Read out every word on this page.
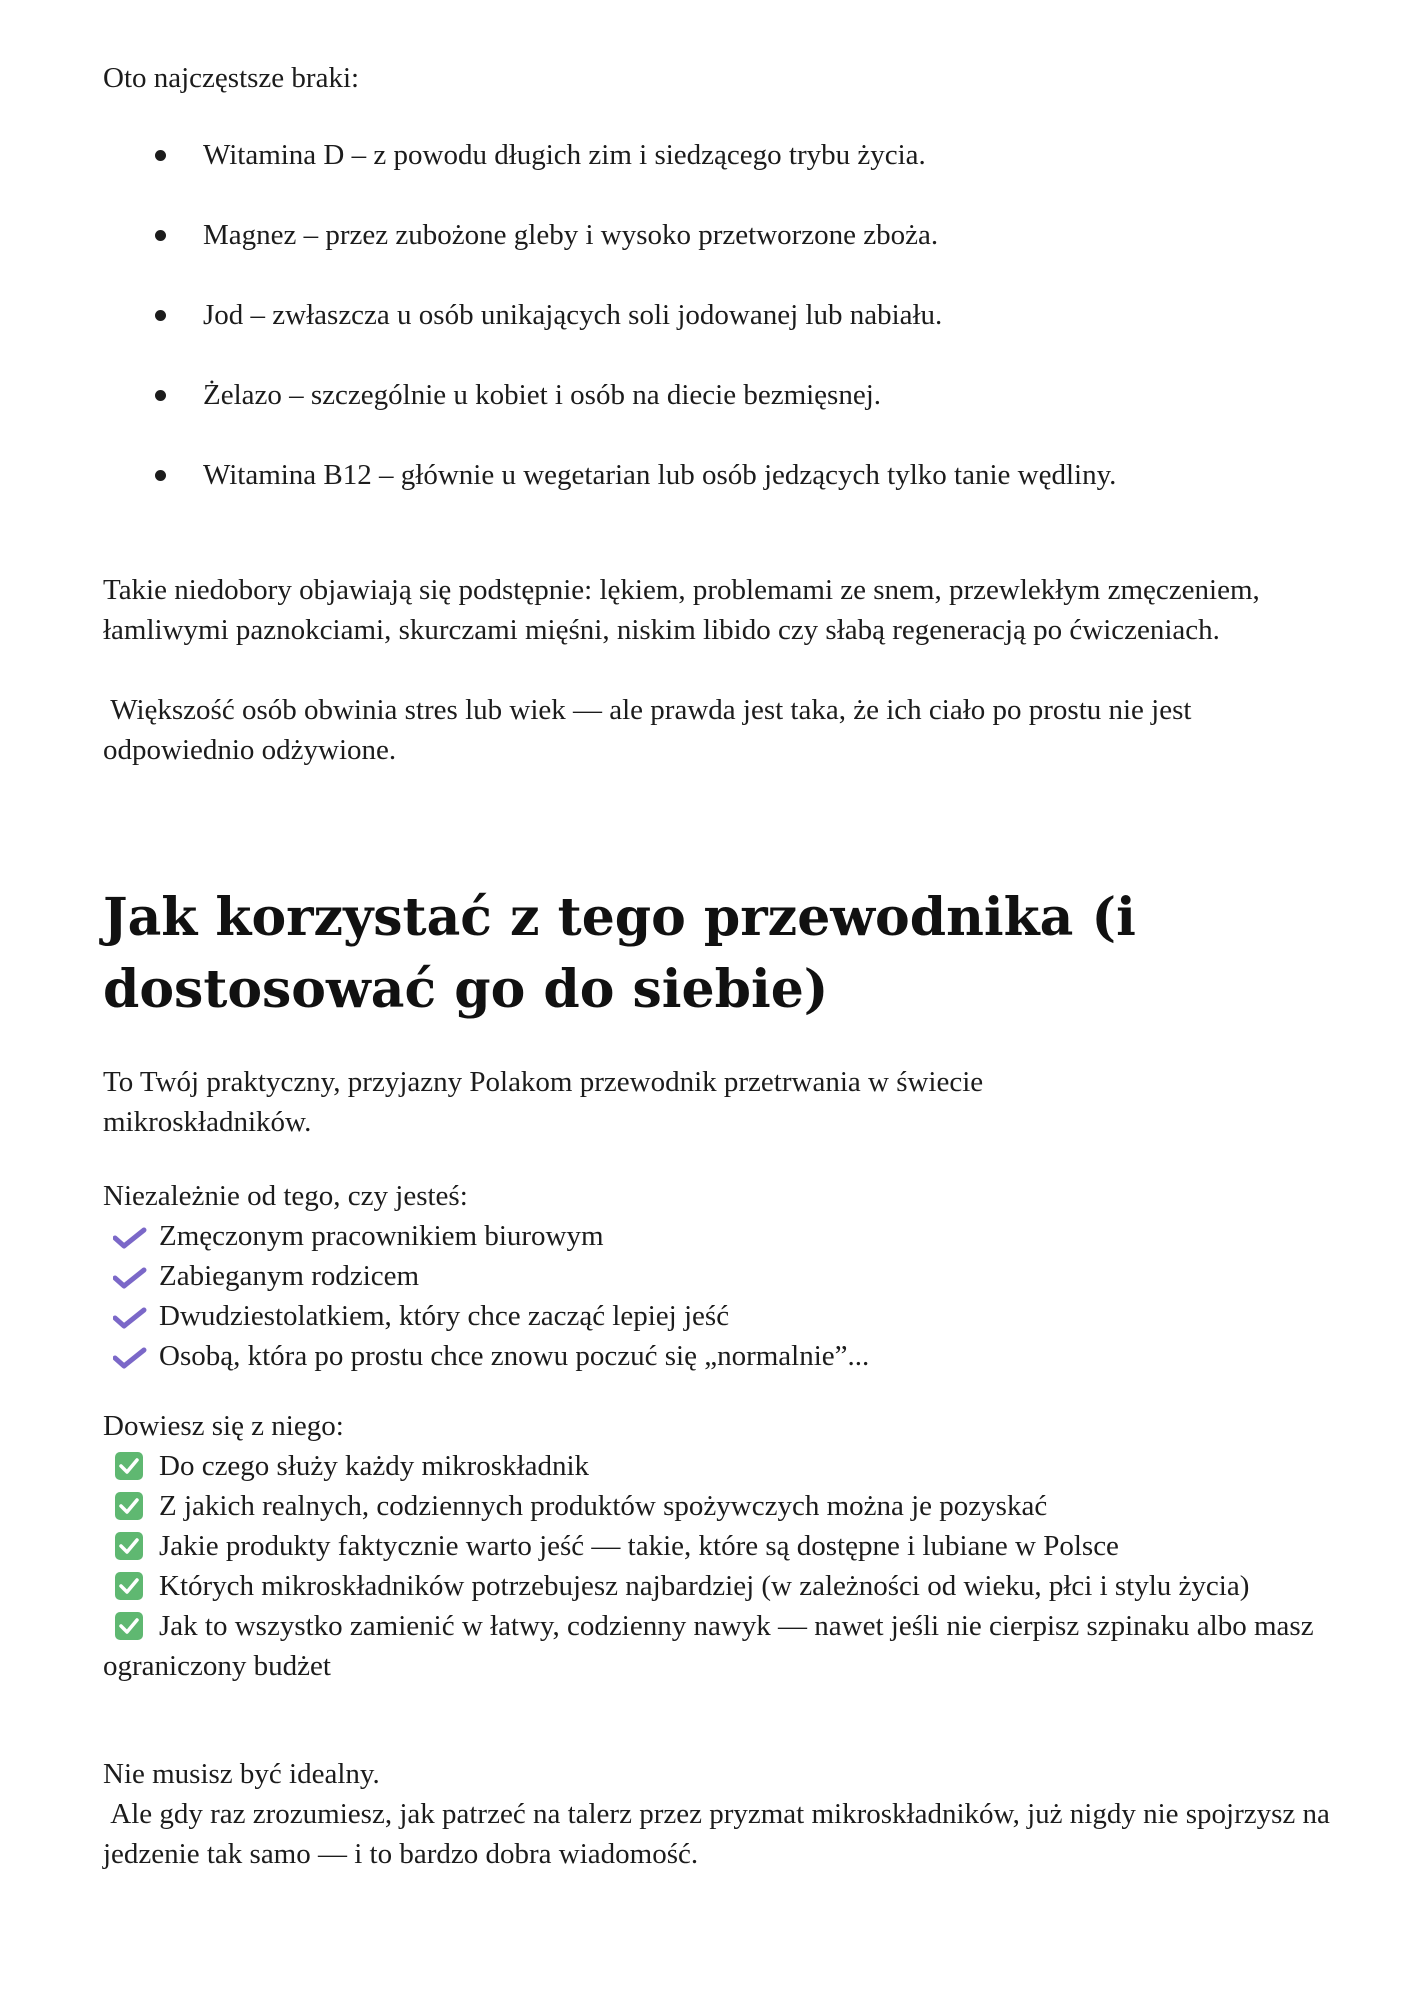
Oto najczęstsze braki:

Witamina D – z powodu długich zim i siedzącego trybu życia.
Magnez – przez zubożone gleby i wysoko przetworzone zboża.
Jod – zwłaszcza u osób unikających soli jodowanej lub nabiału.
Żelazo – szczególnie u kobiet i osób na diecie bezmięsnej.
Witamina B12 – głównie u wegetarian lub osób jedzących tylko tanie wędliny.

Takie niedobory objawiają się podstępnie: lękiem, problemami ze snem, przewlekłym zmęczeniem, łamliwymi paznokciami, skurczami mięśni, niskim libido czy słabą regeneracją po ćwiczeniach.

Większość osób obwinia stres lub wiek — ale prawda jest taka, że ich ciało po prostu nie jest odpowiednio odżywione.

Jak korzystać z tego przewodnika (i dostosować go do siebie)

To Twój praktyczny, przyjazny Polakom przewodnik przetrwania w świecie mikroskładników.

Niezależnie od tego, czy jesteś:

Zmęczonym pracownikiem biurowym
Zabieganym rodzicem
Dwudziestolatkiem, który chce zacząć lepiej jeść
Osobą, która po prostu chce znowu poczuć się „normalnie”...

Dowiesz się z niego:

Do czego służy każdy mikroskładnik

Z jakich realnych, codziennych produktów spożywczych można je pozyskać

Jakie produkty faktycznie warto jeść — takie, które są dostępne i lubiane w Polsce

Których mikroskładników potrzebujesz najbardziej (w zależności od wieku, płci i stylu życia)

Jak to wszystko zamienić w łatwy, codzienny nawyk — nawet jeśli nie cierpisz szpinaku albo masz ograniczony budżet

Nie musisz być idealny.

Ale gdy raz zrozumiesz, jak patrzeć na talerz przez pryzmat mikroskładników, już nigdy nie spojrzysz na jedzenie tak samo — i to bardzo dobra wiadomość.
